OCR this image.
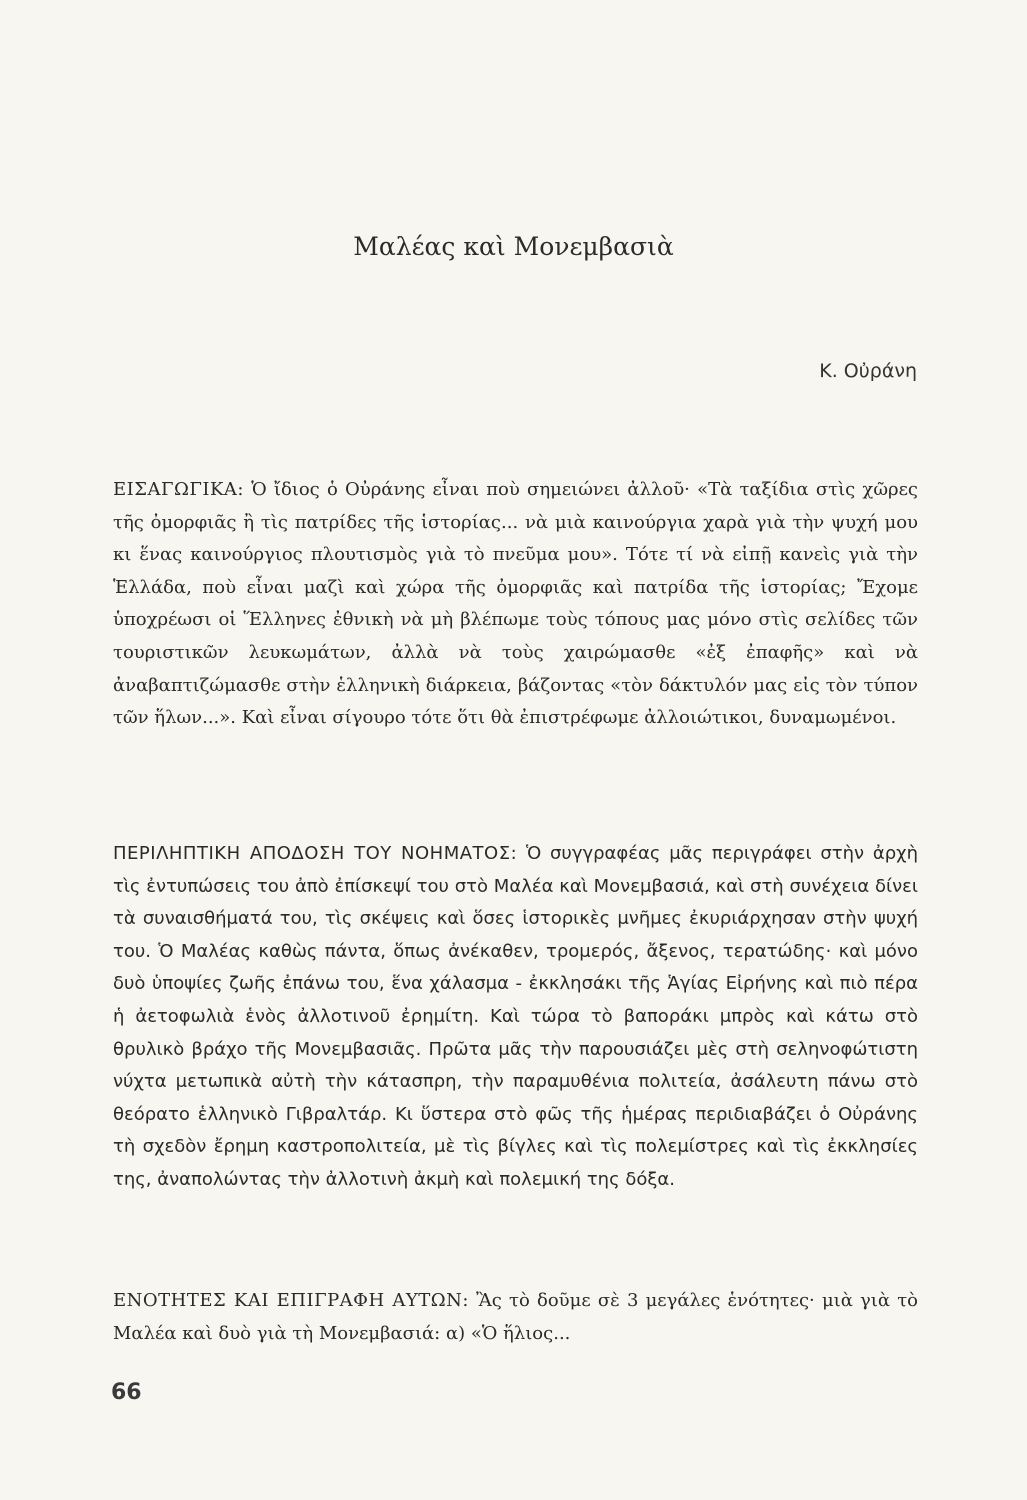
Μαλέας καὶ Μονεμβασιὰ

Κ. Οὐράνη

ΕΙΣΑΓΩΓΙΚΑ: Ὁ ἴδιος ὁ Οὐράνης εἶναι ποὺ σημειώνει ἀλλοῦ· «Τὰ ταξίδια στὶς χῶρες τῆς ὀμορφιᾶς ἢ τὶς πατρίδες τῆς ἱστορίας... νὰ μιὰ καινούργια χαρὰ γιὰ τὴν ψυχή μου κι ἕνας καινούργιος πλουτισμὸς γιὰ τὸ πνεῦμα μου». Τότε τί νὰ εἰπῇ κανεὶς γιὰ τὴν Ἑλλάδα, ποὺ εἶναι μαζὶ καὶ χώρα τῆς ὀμορφιᾶς καὶ πατρίδα τῆς ἱστορίας; Ἔχομε ὑποχρέωσι οἱ Ἕλληνες ἐθνικὴ νὰ μὴ βλέπωμε τοὺς τόπους μας μόνο στὶς σελίδες τῶν τουριστικῶν λευκωμάτων, ἀλλὰ νὰ τοὺς χαιρώμασθε «ἐξ ἐπαφῆς» καὶ νὰ ἀναβαπτιζώμασθε στὴν ἑλληνικὴ διάρκεια, βάζοντας «τὸν δάκτυλόν μας εἰς τὸν τύπον τῶν ἥλων...». Καὶ εἶναι σίγουρο τότε ὅτι θὰ ἐπιστρέφωμε ἀλλοιώτικοι, δυναμωμένοι.

ΠΕΡΙΛΗΠΤΙΚΗ ΑΠΟΔΟΣΗ ΤΟΥ ΝΟΗΜΑΤΟΣ: Ὁ συγγραφέας μᾶς περιγράφει στὴν ἀρχὴ τὶς ἐντυπώσεις του ἀπὸ ἐπίσκεψί του στὸ Μαλέα καὶ Μονεμβασιά, καὶ στὴ συνέχεια δίνει τὰ συναισθήματά του, τὶς σκέψεις καὶ ὅσες ἱστορικὲς μνῆμες ἐκυριάρχησαν στὴν ψυχή του. Ὁ Μαλέας καθὼς πάντα, ὅπως ἀνέκαθεν, τρομερός, ἄξενος, τερατώδης· καὶ μόνο δυὸ ὑποψίες ζωῆς ἐπάνω του, ἕνα χάλασμα - ἐκκλησάκι τῆς Ἁγίας Εἰρήνης καὶ πιὸ πέρα ἡ ἀετοφωλιὰ ἑνὸς ἀλλοτινοῦ ἐρημίτη. Καὶ τώρα τὸ βαποράκι μπρὸς καὶ κάτω στὸ θρυλικὸ βράχο τῆς Μονεμβασιᾶς. Πρῶτα μᾶς τὴν παρουσιάζει μὲς στὴ σεληνοφώτιστη νύχτα μετωπικὰ αὐτὴ τὴν κάτασπρη, τὴν παραμυθένια πολιτεία, ἀσάλευτη πάνω στὸ θεόρατο ἑλληνικὸ Γιβραλτάρ. Κι ὕστερα στὸ φῶς τῆς ἡμέρας περιδιαβάζει ὁ Οὐράνης τὴ σχεδὸν ἔρημη καστροπολιτεία, μὲ τὶς βίγλες καὶ τὶς πολεμίστρες καὶ τὶς ἐκκλησίες της, ἀναπολώντας τὴν ἀλλοτινὴ ἀκμὴ καὶ πολεμική της δόξα.

ΕΝΟΤΗΤΕΣ ΚΑΙ ΕΠΙΓΡΑΦΗ ΑΥΤΩΝ: Ἂς τὸ δοῦμε σὲ 3 μεγάλες ἑνότητες· μιὰ γιὰ τὸ Μαλέα καὶ δυὸ γιὰ τὴ Μονεμβασιά: α) «Ὁ ἥλιος...

66
